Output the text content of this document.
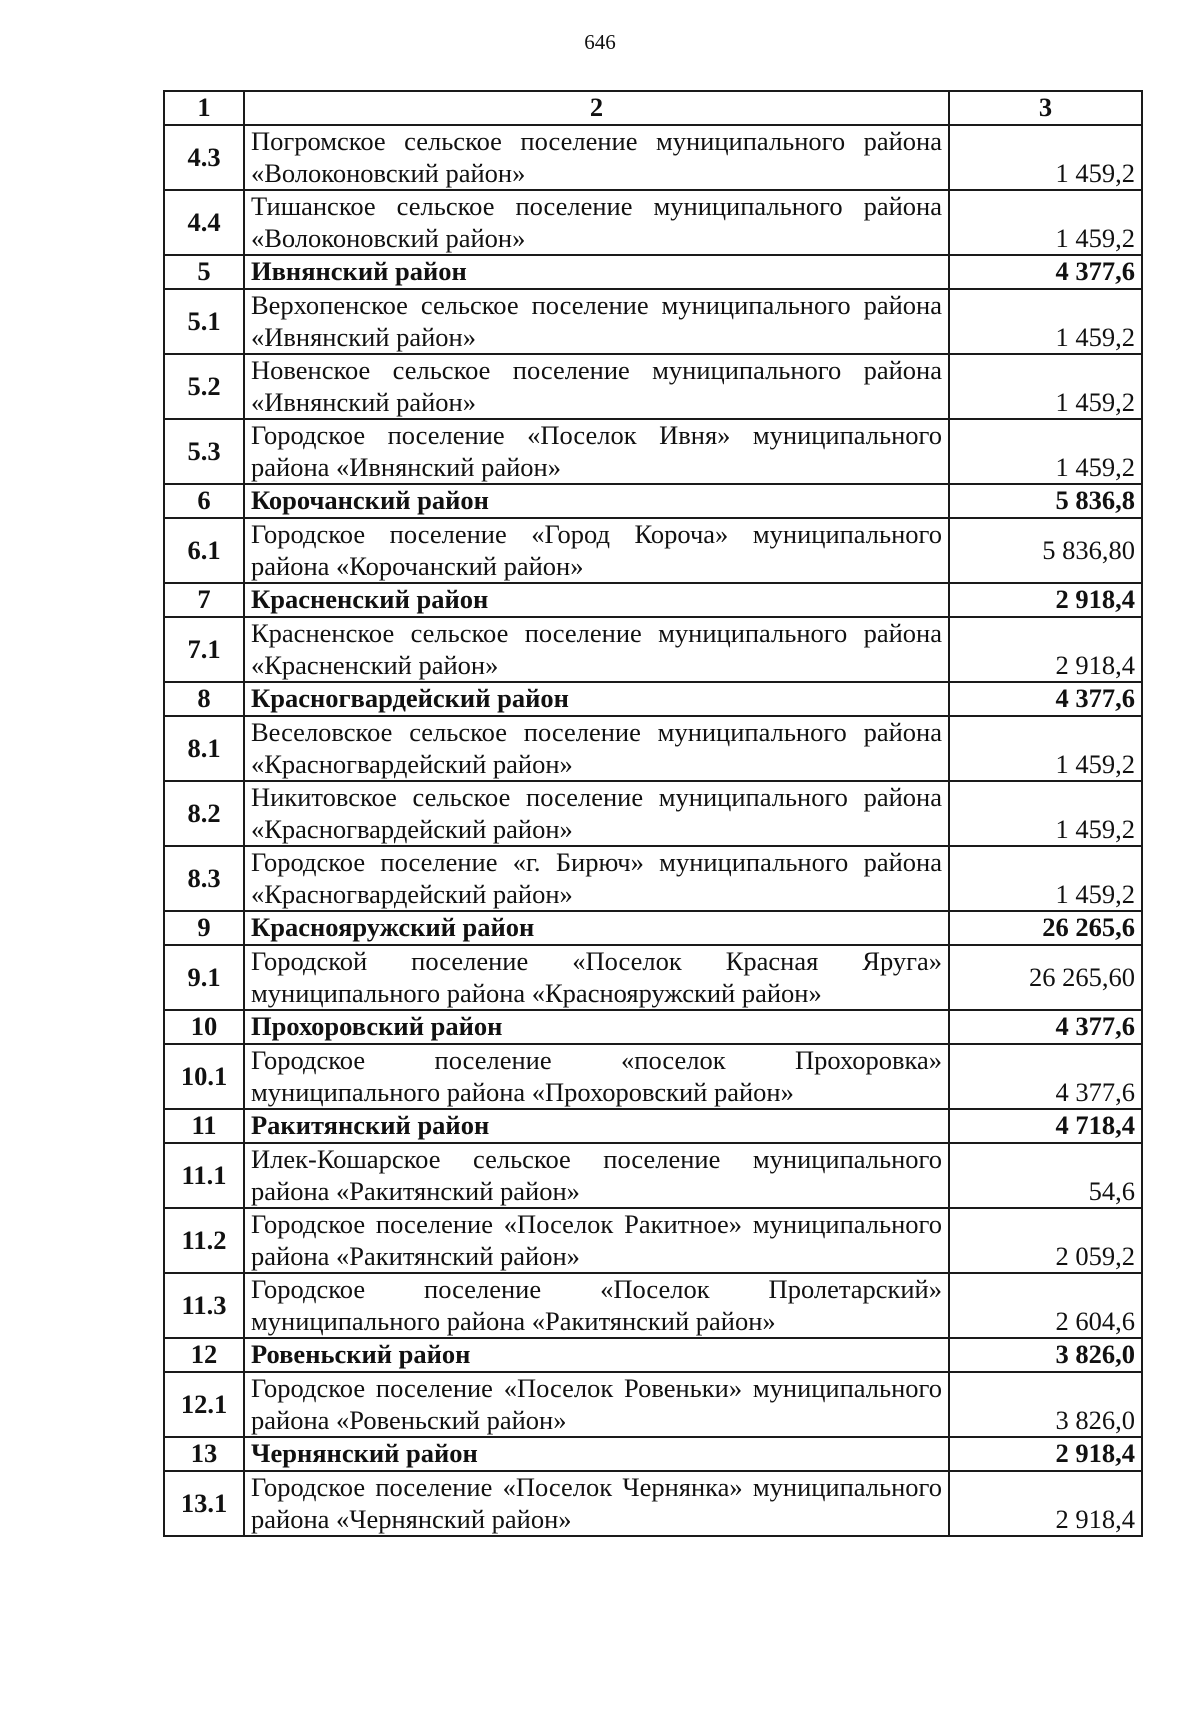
646
1	2	3
4.3	Погромское сельское поселение муниципального района «Волоконовский район»	1 459,2
4.4	Тишанское сельское поселение муниципального района «Волоконовский район»	1 459,2
5	Ивнянский район	4 377,6
5.1	Верхопенское сельское поселение муниципального района «Ивнянский район»	1 459,2
5.2	Новенское сельское поселение муниципального района «Ивнянский район»	1 459,2
5.3	Городское поселение «Поселок Ивня» муниципального района «Ивнянский район»	1 459,2
6	Корочанский район	5 836,8
6.1	Городское поселение «Город Короча» муниципального района «Корочанский район»	5 836,80
7	Красненский район	2 918,4
7.1	Красненское сельское поселение муниципального района «Красненский район»	2 918,4
8	Красногвардейский район	4 377,6
8.1	Веселовское сельское поселение муниципального района «Красногвардейский район»	1 459,2
8.2	Никитовское сельское поселение муниципального района «Красногвардейский район»	1 459,2
8.3	Городское поселение «г. Бирюч» муниципального района «Красногвардейский район»	1 459,2
9	Краснояружский район	26 265,6
9.1	Городской поселение «Поселок Красная Яруга» муниципального района «Краснояружский район»	26 265,60
10	Прохоровский район	4 377,6
10.1	Городское поселение «поселок Прохоровка» муниципального района «Прохоровский район»	4 377,6
11	Ракитянский район	4 718,4
11.1	Илек-Кошарское сельское поселение муниципального района «Ракитянский район»	54,6
11.2	Городское поселение «Поселок Ракитное» муниципального района «Ракитянский район»	2 059,2
11.3	Городское поселение «Поселок Пролетарский» муниципального района «Ракитянский район»	2 604,6
12	Ровеньский район	3 826,0
12.1	Городское поселение «Поселок Ровеньки» муниципального района «Ровеньский район»	3 826,0
13	Чернянский район	2 918,4
13.1	Городское поселение «Поселок Чернянка» муниципального района «Чернянский район»	2 918,4
